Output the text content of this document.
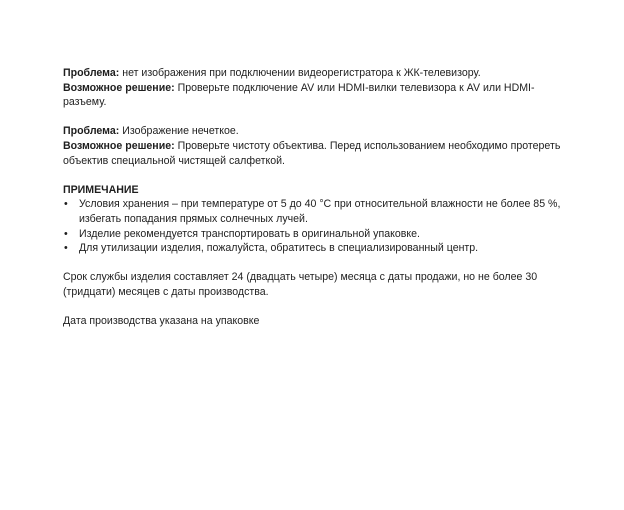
Проблема: нет изображения при подключении видеорегистратора к ЖК-телевизору.

Возможное решение: Проверьте подключение AV или HDMI-вилки телевизора к AV или HDMI-разъему.

Проблема: Изображение нечеткое.

Возможное решение: Проверьте чистоту объектива. Перед использованием необходимо протереть объектив специальной чистящей салфеткой.

ПРИМЕЧАНИЕ

• Условия хранения – при температуре от 5 до 40 °C при относительной влажности не более 85 %, избегать попадания прямых солнечных лучей.
• Изделие рекомендуется транспортировать в оригинальной упаковке.
• Для утилизации изделия, пожалуйста, обратитесь в специализированный центр.

Срок службы изделия составляет 24 (двадцать четыре) месяца с даты продажи, но не более 30 (тридцати) месяцев с даты производства.

Дата производства указана на упаковке
